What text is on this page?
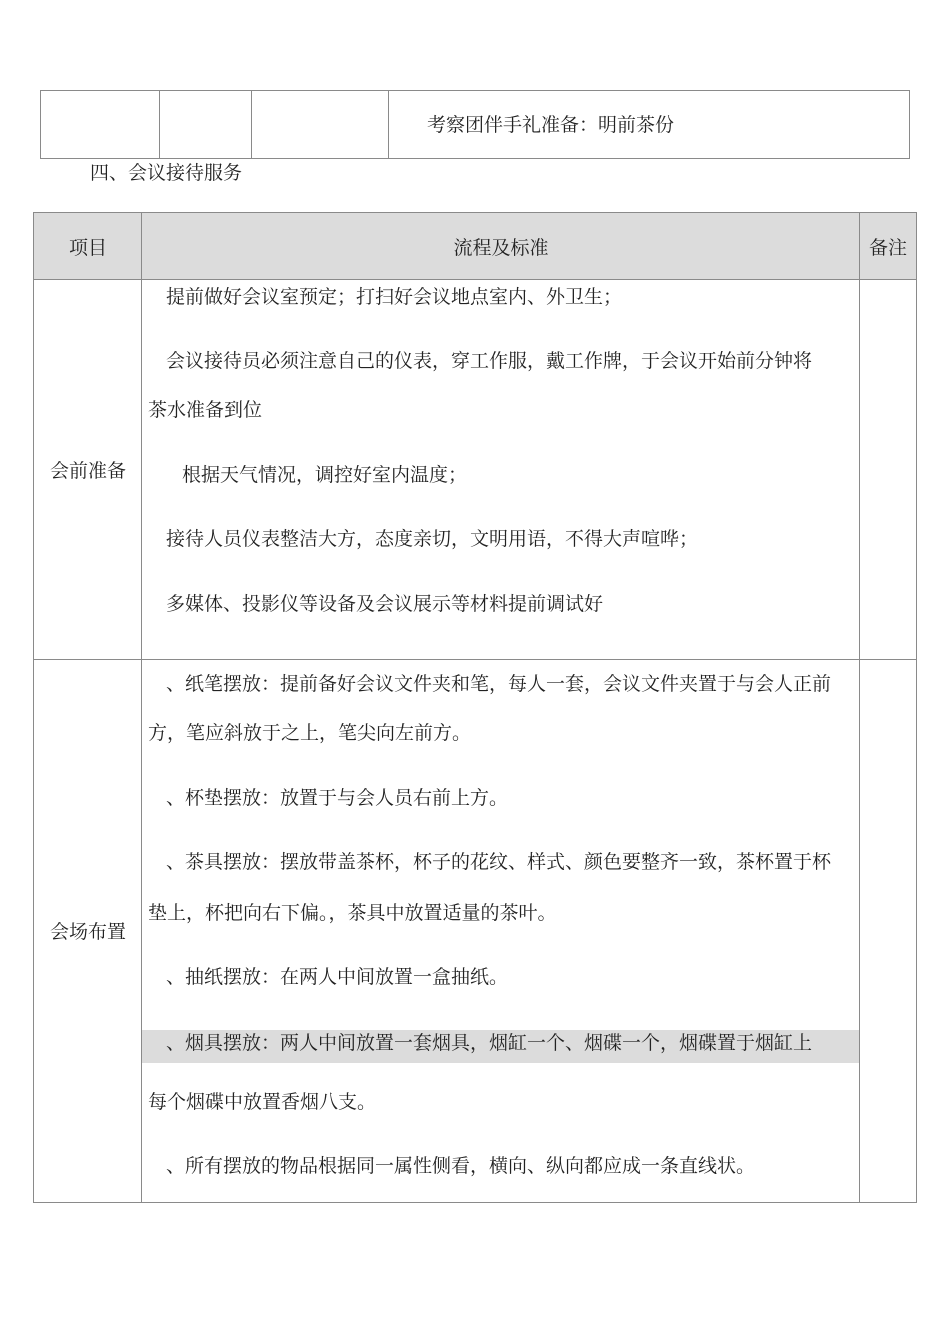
考察团伴手礼准备：明前茶份
四、会议接待服务
项目	流程及标准	备注
会前准备
提前做好会议室预定；打扫好会议地点室内、外卫生；
会议接待员必须注意自己的仪表，穿工作服，戴工作牌，于会议开始前分钟将
茶水准备到位
根据天气情况，调控好室内温度；
接待人员仪表整洁大方，态度亲切，文明用语，不得大声喧哗；
多媒体、投影仪等设备及会议展示等材料提前调试好
会场布置
、纸笔摆放：提前备好会议文件夹和笔，每人一套，会议文件夹置于与会人正前
方，笔应斜放于之上，笔尖向左前方。
、杯垫摆放：放置于与会人员右前上方。
、茶具摆放：摆放带盖茶杯，杯子的花纹、样式、颜色要整齐一致，茶杯置于杯
垫上，杯把向右下偏。，茶具中放置适量的茶叶。
、抽纸摆放：在两人中间放置一盒抽纸。
、烟具摆放：两人中间放置一套烟具，烟缸一个、烟碟一个，烟碟置于烟缸上
每个烟碟中放置香烟八支。
、所有摆放的物品根据同一属性侧看，横向、纵向都应成一条直线状。
